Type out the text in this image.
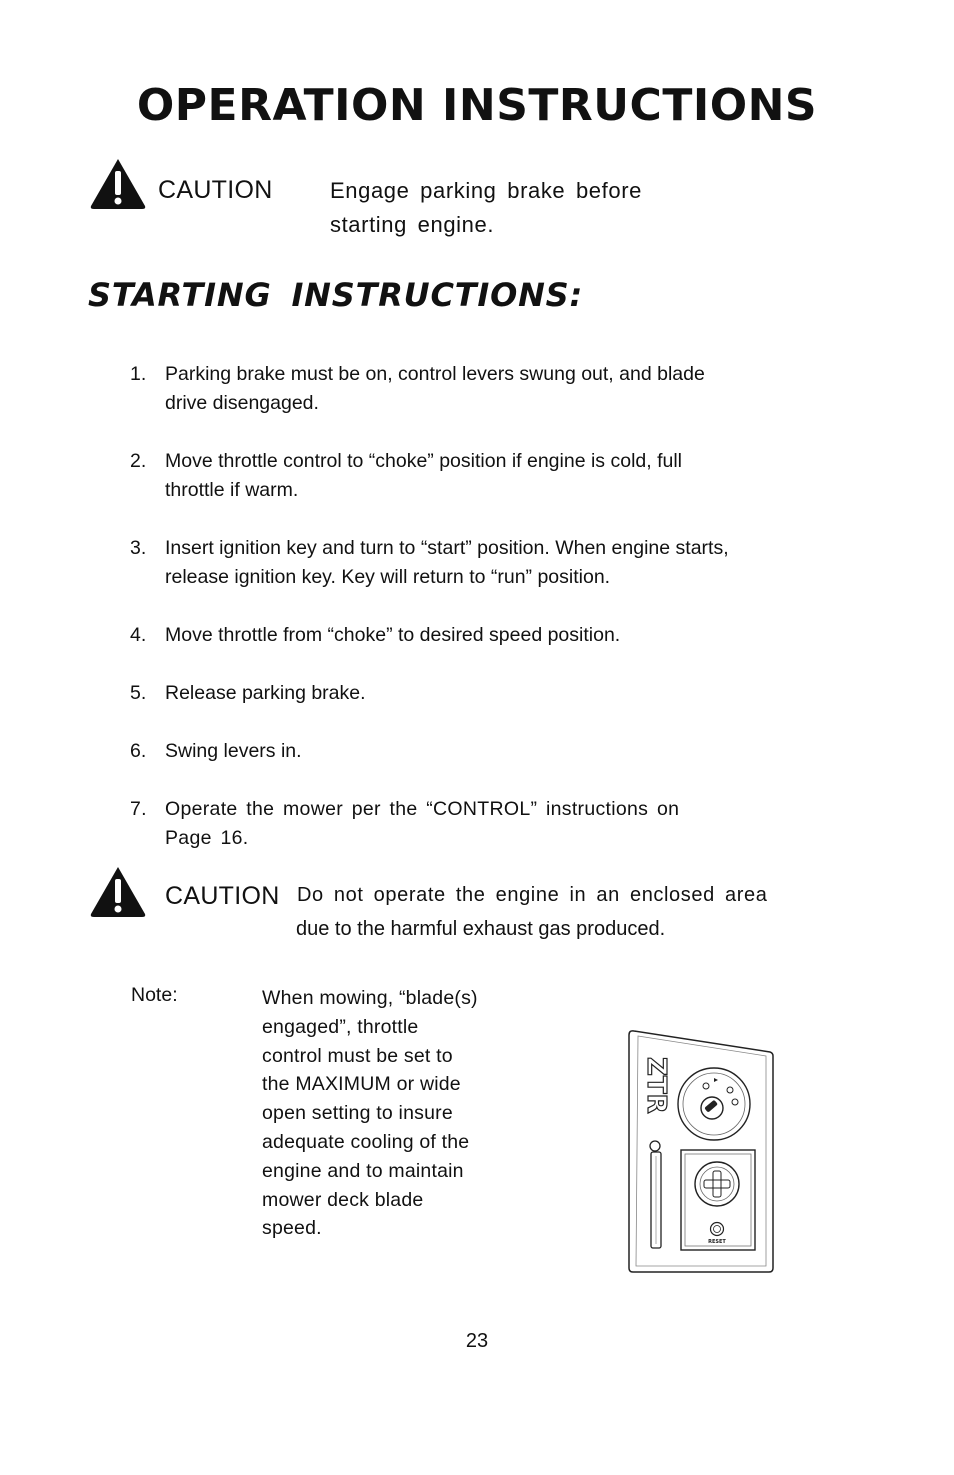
OPERATION INSTRUCTIONS
CAUTION	Engage parking brake before
starting engine.
STARTING INSTRUCTIONS:
1. Parking brake must be on, control levers swung out, and blade
drive disengaged.
2. Move throttle control to “choke” position if engine is cold, full
throttle if warm.
3. Insert ignition key and turn to “start” position. When engine starts,
release ignition key. Key will return to “run” position.
4. Move throttle from “choke” to desired speed position.
5. Release parking brake.
6. Swing levers in.
7. Operate the mower per the “CONTROL” instructions on
Page 16.
CAUTION Do not operate the engine in an enclosed area
due to the harmful exhaust gas produced.
Note:	When mowing, “blade(s)
engaged”, throttle
control must be set to
the MAXIMUM or wide
open setting to insure
adequate cooling of the
engine and to maintain
mower deck blade
speed.
ZTR
RESET
23
